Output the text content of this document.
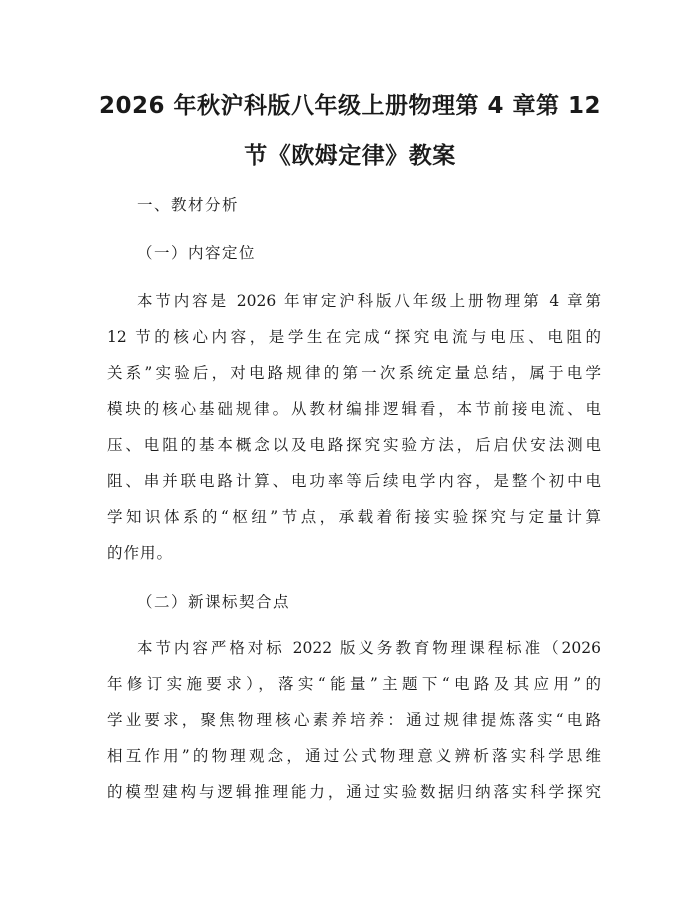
2026 年秋沪科版八年级上册物理第 4 章第 12
节《欧姆定律》教案
一、教材分析
（一）内容定位
本节内容是 2026 年审定沪科版八年级上册物理第 4 章第
12 节的核心内容，是学生在完成“探究电流与电压、电阻的
关系”实验后，对电路规律的第一次系统定量总结，属于电学
模块的核心基础规律。从教材编排逻辑看，本节前接电流、电
压、电阻的基本概念以及电路探究实验方法，后启伏安法测电
阻、串并联电路计算、电功率等后续电学内容，是整个初中电
学知识体系的“枢纽”节点，承载着衔接实验探究与定量计算
的作用。
（二）新课标契合点
本节内容严格对标 2022 版义务教育物理课程标准（2026
年修订实施要求），落实“能量”主题下“电路及其应用”的
学业要求，聚焦物理核心素养培养：通过规律提炼落实“电路
相互作用”的物理观念，通过公式物理意义辨析落实科学思维
的模型建构与逻辑推理能力，通过实验数据归纳落实科学探究
